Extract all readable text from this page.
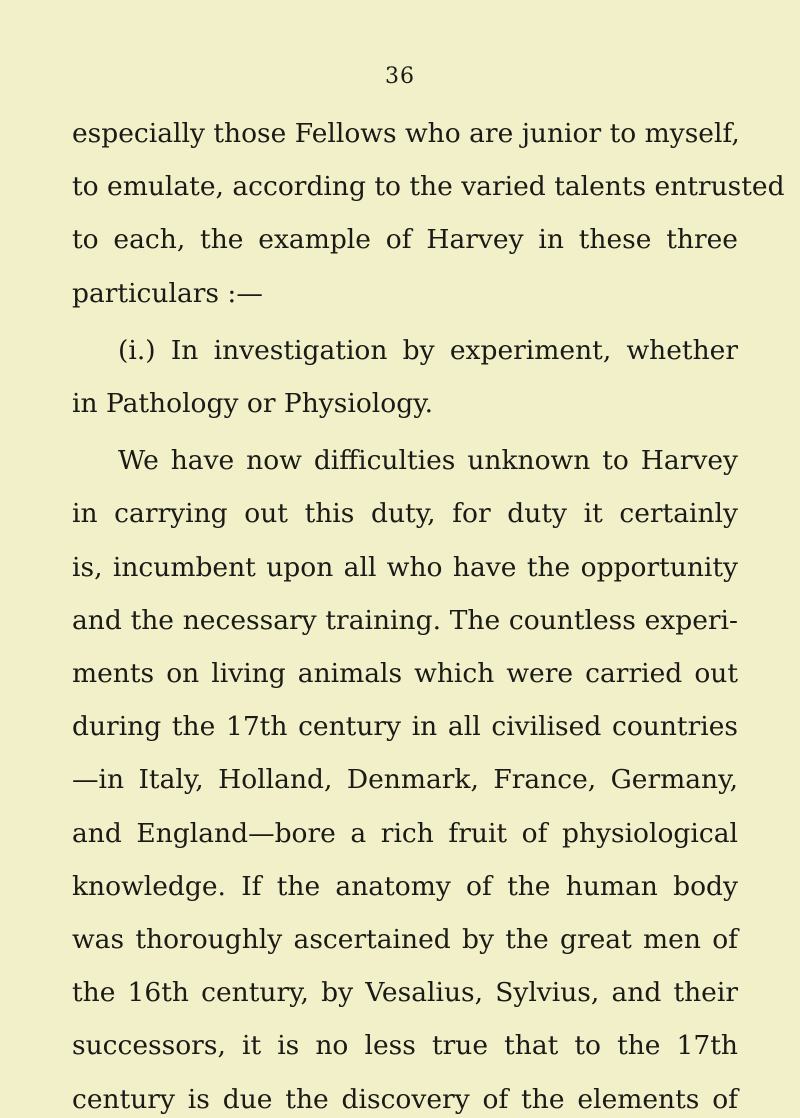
36
especially those Fellows who are junior to myself,
to emulate, according to the varied talents entrusted
to each, the example of Harvey in these three
particulars :—
(i.) In investigation by experiment, whether
in Pathology or Physiology.
We have now difficulties unknown to Harvey
in carrying out this duty, for duty it certainly
is, incumbent upon all who have the opportunity
and the necessary training. The countless experi-
ments on living animals which were carried out
during the 17th century in all civilised countries
—in Italy, Holland, Denmark, France, Germany,
and England—bore a rich fruit of physiological
knowledge. If the anatomy of the human body
was thoroughly ascertained by the great men of
the 16th century, by Vesalius, Sylvius, and their
successors, it is no less true that to the 17th
century is due the discovery of the elements of
